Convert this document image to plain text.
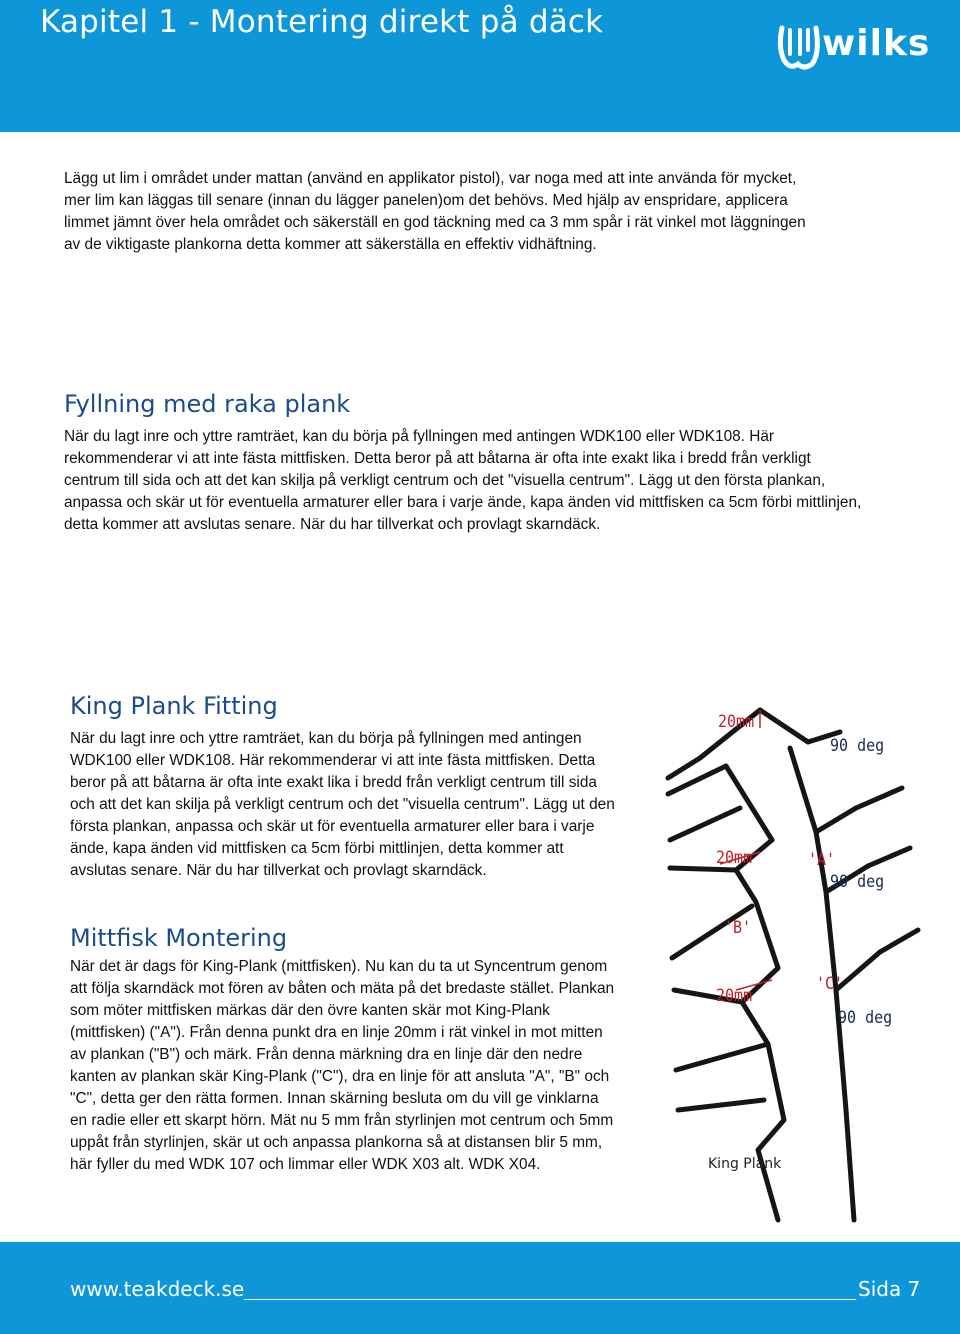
Kapitel 1 - Montering direkt på däck
wilks
Lägg ut lim i området under mattan (använd en applikator pistol), var noga med att inte använda för mycket, mer lim kan läggas till senare (innan du lägger panelen)om det behövs. Med hjälp av enspridare, applicera limmet jämnt över hela området och säkerställ en god täckning med ca 3 mm spår i rät vinkel mot läggningen av de viktigaste plankorna detta kommer att säkerställa en effektiv vidhäftning.
Fyllning med raka plank
När du lagt inre och yttre ramträet, kan du börja på fyllningen med antingen WDK100 eller WDK108. Här rekommenderar vi att inte fästa mittfisken. Detta beror på att båtarna är ofta inte exakt lika i bredd från verkligt centrum till sida och att det kan skilja på verkligt centrum och det "visuella centrum". Lägg ut den första plankan, anpassa och skär ut för eventuella armaturer eller bara i varje ände, kapa änden vid mittfisken ca 5cm förbi mittlinjen, detta kommer att avslutas senare. När du har tillverkat och provlagt skarndäck.
King Plank Fitting
När du lagt inre och yttre ramträet, kan du börja på fyllningen med antingen WDK100 eller WDK108. Här rekommenderar vi att inte fästa mittfisken. Detta beror på att båtarna är ofta inte exakt lika i bredd från verkligt centrum till sida och att det kan skilja på verkligt centrum och det "visuella centrum". Lägg ut den första plankan, anpassa och skär ut för eventuella armaturer eller bara i varje ände, kapa änden vid mittfisken ca 5cm förbi mittlinjen, detta kommer att avslutas senare. När du har tillverkat och provlagt skarndäck.
Mittfisk Montering
När det är dags för King-Plank (mittfisken). Nu kan du ta ut Syncentrum genom att följa skarndäck mot fören av båten och mäta på det bredaste stället. Plankan som möter mittfisken märkas där den övre kanten skär mot King-Plank (mittfisken) ("A"). Från denna punkt dra en linje 20mm i rät vinkel in mot mitten av plankan ("B") och märk. Från denna märkning dra en linje där den nedre kanten av plankan skär King-Plank ("C"), dra en linje för att ansluta "A", "B" och "C", detta ger den rätta formen. Innan skärning besluta om du vill ge vinklarna en radie eller ett skarpt hörn. Mät nu 5 mm från styrlinjen mot centrum och 5mm uppåt från styrlinjen, skär ut och anpassa plankorna så at distansen blir 5 mm, här fyller du med WDK 107 och limmar eller WDK X03 alt. WDK X04.
20mm
90 deg
20mm	'A'
90 deg
'B'
'C'
20mm
90 deg
King Plank
www.teakdeck.se	Sida 7
